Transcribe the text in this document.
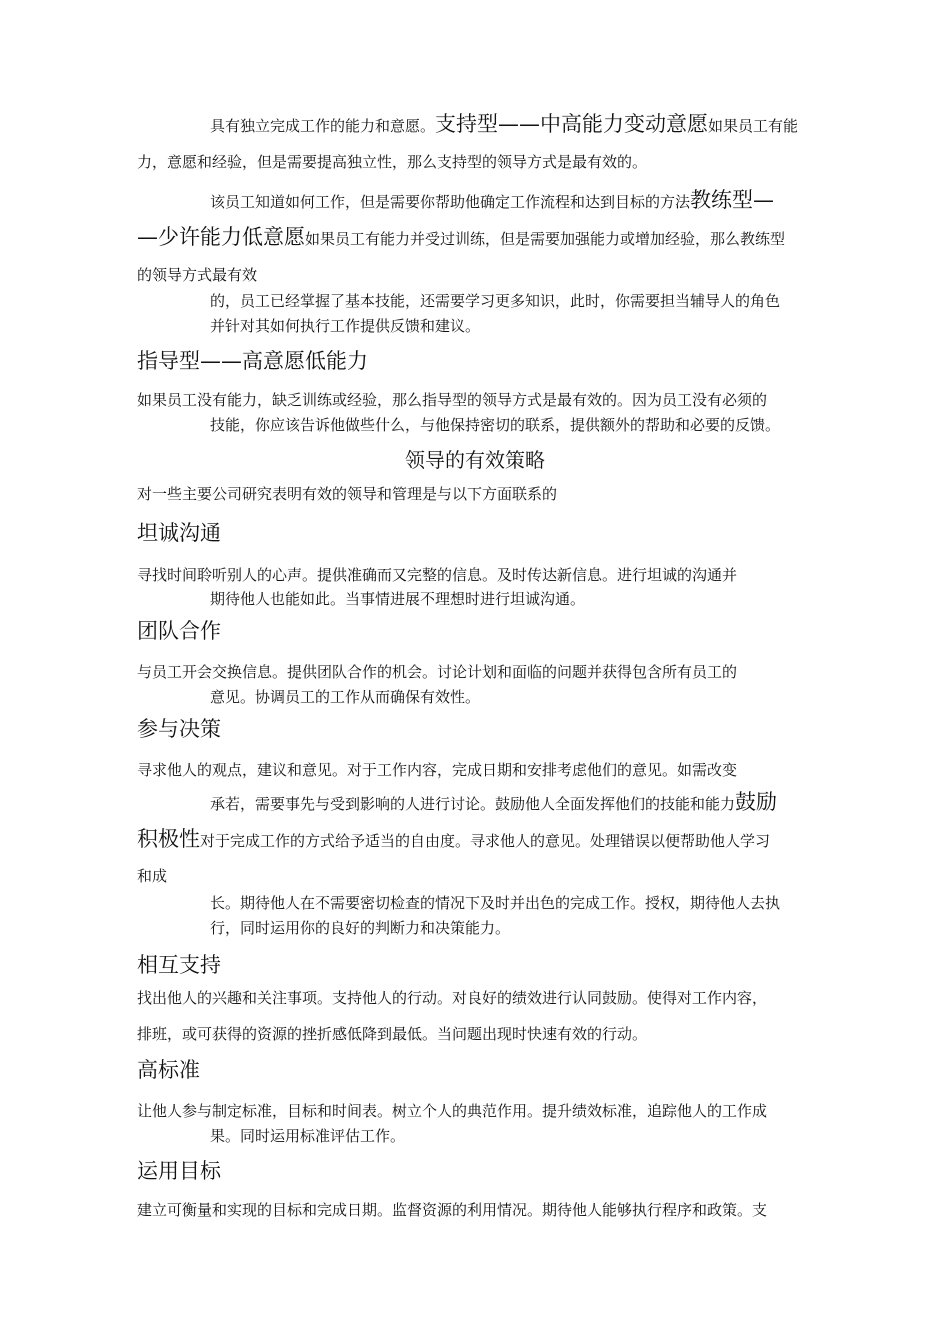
具有独立完成工作的能力和意愿。支持型——中高能力变动意愿如果员工有能
力，意愿和经验，但是需要提高独立性，那么支持型的领导方式是最有效的。
该员工知道如何工作，但是需要你帮助他确定工作流程和达到目标的方法教练型—
—少许能力低意愿如果员工有能力并受过训练，但是需要加强能力或增加经验，那么教练型
的领导方式最有效
的，员工已经掌握了基本技能，还需要学习更多知识，此时，你需要担当辅导人的角色
并针对其如何执行工作提供反馈和建议。
指导型——高意愿低能力
如果员工没有能力，缺乏训练或经验，那么指导型的领导方式是最有效的。因为员工没有必须的
技能，你应该告诉他做些什么，与他保持密切的联系，提供额外的帮助和必要的反馈。
领导的有效策略
对一些主要公司研究表明有效的领导和管理是与以下方面联系的
坦诚沟通
寻找时间聆听别人的心声。提供准确而又完整的信息。及时传达新信息。进行坦诚的沟通并
期待他人也能如此。当事情进展不理想时进行坦诚沟通。
团队合作
与员工开会交换信息。提供团队合作的机会。讨论计划和面临的问题并获得包含所有员工的
意见。协调员工的工作从而确保有效性。
参与决策
寻求他人的观点，建议和意见。对于工作内容，完成日期和安排考虑他们的意见。如需改变
承若，需要事先与受到影响的人进行讨论。鼓励他人全面发挥他们的技能和能力鼓励
积极性对于完成工作的方式给予适当的自由度。寻求他人的意见。处理错误以便帮助他人学习
和成
长。期待他人在不需要密切检查的情况下及时并出色的完成工作。授权，期待他人去执
行，同时运用你的良好的判断力和决策能力。
相互支持
找出他人的兴趣和关注事项。支持他人的行动。对良好的绩效进行认同鼓励。使得对工作内容，
排班，或可获得的资源的挫折感低降到最低。当问题出现时快速有效的行动。
高标准
让他人参与制定标准，目标和时间表。树立个人的典范作用。提升绩效标准，追踪他人的工作成
果。同时运用标准评估工作。
运用目标
建立可衡量和实现的目标和完成日期。监督资源的利用情况。期待他人能够执行程序和政策。支
